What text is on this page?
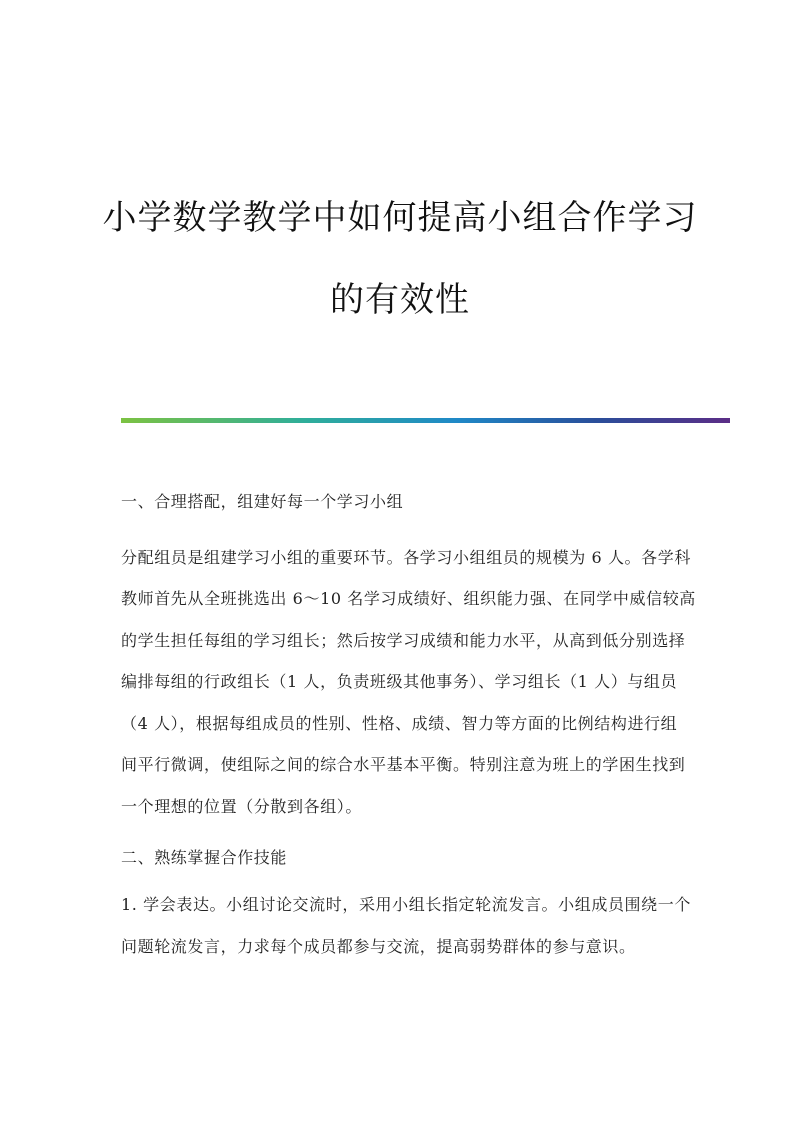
小学数学教学中如何提高小组合作学习
的有效性
一、合理搭配，组建好每一个学习小组
分配组员是组建学习小组的重要环节。各学习小组组员的规模为 6 人。各学科
教师首先从全班挑选出 6～10 名学习成绩好、组织能力强、在同学中威信较高
的学生担任每组的学习组长；然后按学习成绩和能力水平，从高到低分别选择
编排每组的行政组长（1 人，负责班级其他事务）、学习组长（1 人）与组员
（4 人），根据每组成员的性别、性格、成绩、智力等方面的比例结构进行组
间平行微调，使组际之间的综合水平基本平衡。特别注意为班上的学困生找到
一个理想的位置（分散到各组）。
二、熟练掌握合作技能
1. 学会表达。小组讨论交流时，采用小组长指定轮流发言。小组成员围绕一个
问题轮流发言，力求每个成员都参与交流，提高弱势群体的参与意识。
